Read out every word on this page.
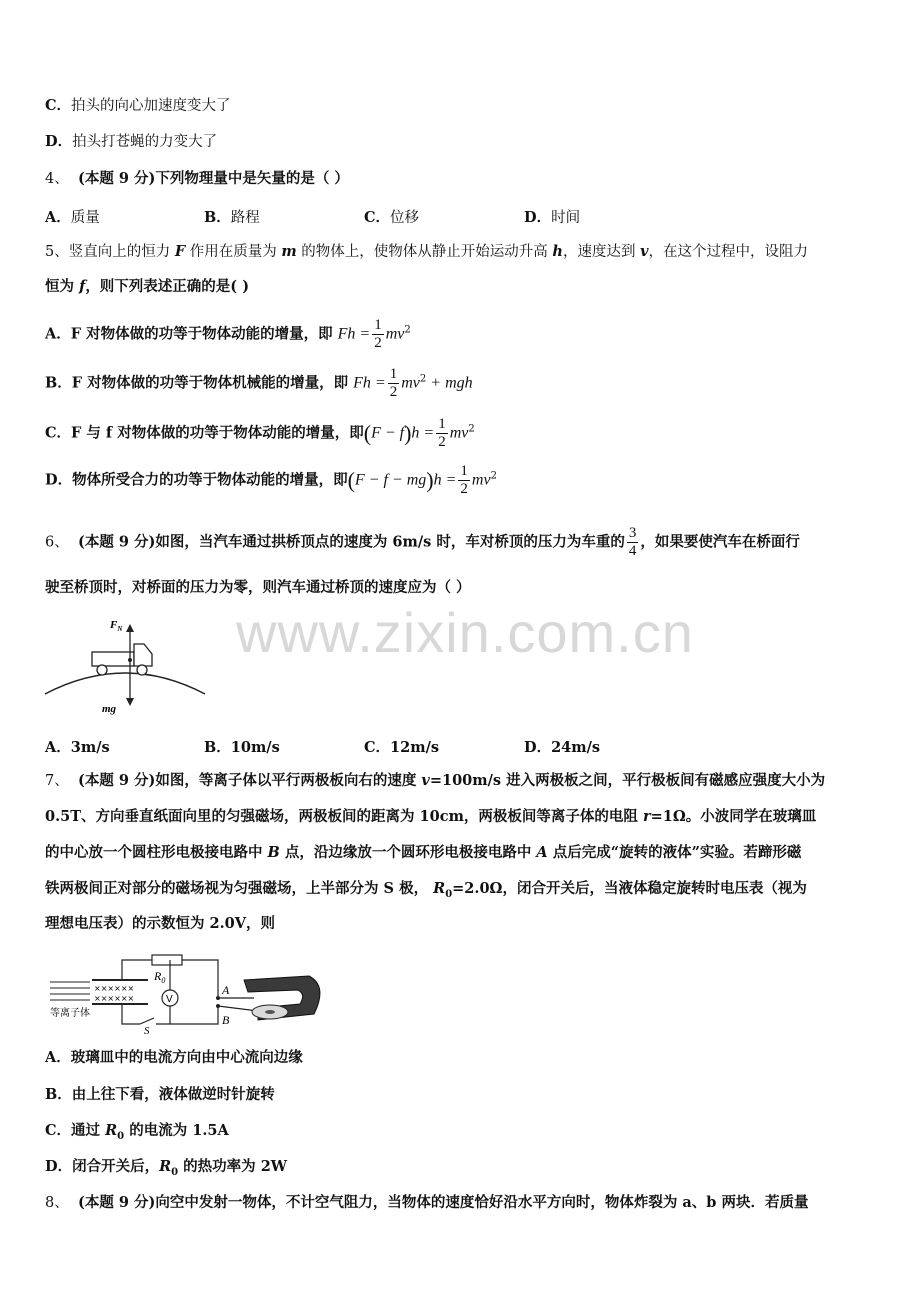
www.zixin.com.cn
C．拍头的向心加速度变大了
D．拍头打苍蝇的力变大了
4、 (本题 9 分)下列物理量中是矢量的是（ ）
A．质量	B．路程	C．位移	D．时间
5、竖直向上的恒力 F 作用在质量为 m 的物体上，使物体从静止开始运动升高 h，速度达到 v，在这个过程中，设阻力
恒为 f，则下列表述正确的是( )
A．F 对物体做的功等于物体动能的增量，即 $Fh = \frac{1}{2} mv^2$
B．F 对物体做的功等于物体机械能的增量，即 $Fh = \frac{1}{2} mv^2$ + mgh
C．F 与 f 对物体做的功等于物体动能的增量，即$(F - f)h = \frac{1}{2} mv^2$
D．物体所受合力的功等于物体动能的增量，即$(F - f - mg)h = \frac{1}{2} mv^2$
6、 (本题 9 分)如图，当汽车通过拱桥顶点的速度为 6m/s 时，车对桥顶的压力为车重的 $\frac{3}{4}$ ，如果要使汽车在桥面行
驶至桥顶时，对桥面的压力为零，则汽车通过桥顶的速度应为（ ）
$F_N$
mg
A．3m/s	B．10m/s	C．12m/s	D．24m/s
7、 (本题 9 分)如图，等离子体以平行两极板向右的速度 v=100m/s 进入两极板之间，平行极板间有磁感应强度大小为
0.5T、方向垂直纸面向里的匀强磁场，两极板间的距离为 10cm，两极板间等离子体的电阻 r=1Ω。小波同学在玻璃皿
的中心放一个圆柱形电极接电路中 B 点，沿边缘放一个圆环形电极接电路中 A 点后完成“旋转的液体”实验。若蹄形磁
铁两极间正对部分的磁场视为匀强磁场，上半部分为 S 极， $R_0=2.0\Omega$，闭合开关后，当液体稳定旋转时电压表（视为
理想电压表）的示数恒为 2.0V，则
等离子体
××××××
××××××
$R_0$
S
V
A
B
A．玻璃皿中的电流方向由中心流向边缘
B．由上往下看，液体做逆时针旋转
C．通过 $R_0$ 的电流为 1.5A
D．闭合开关后，$R_0$ 的热功率为 2W
8、 (本题 9 分)向空中发射一物体，不计空气阻力，当物体的速度恰好沿水平方向时，物体炸裂为 a、b 两块．若质量
